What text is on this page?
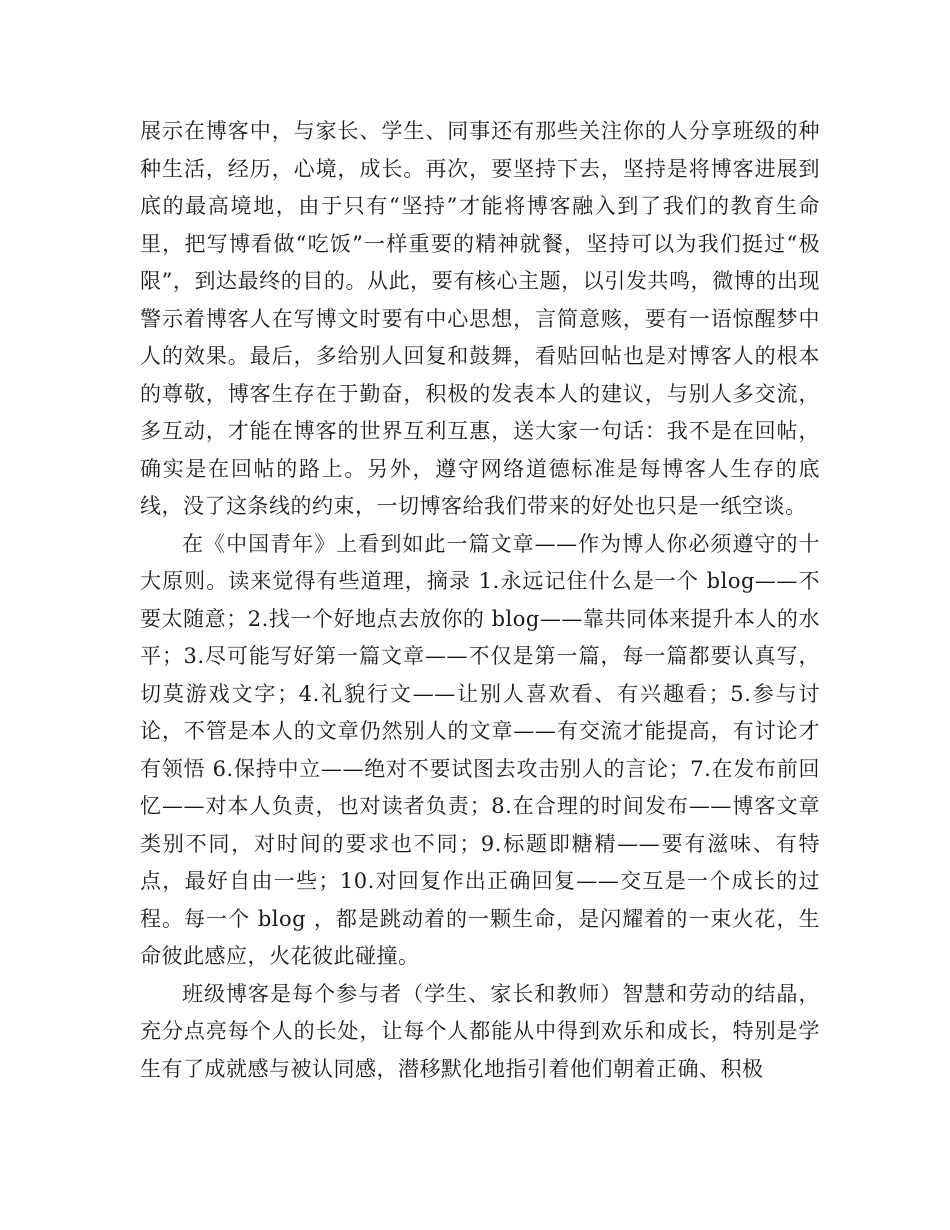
展示在博客中，与家长、学生、同事还有那些关注你的人分享班级的种种生活，经历，心境，成长。再次，要坚持下去，坚持是将博客进展到底的最高境地，由于只有“坚持”才能将博客融入到了我们的教育生命里，把写博看做“吃饭”一样重要的精神就餐，坚持可以为我们挺过“极限”，到达最终的目的。从此，要有核心主题，以引发共鸣，微博的出现警示着博客人在写博文时要有中心思想，言简意赅，要有一语惊醒梦中人的效果。最后，多给别人回复和鼓舞，看贴回帖也是对博客人的根本的尊敬，博客生存在于勤奋，积极的发表本人的建议，与别人多交流，多互动，才能在博客的世界互利互惠，送大家一句话：我不是在回帖，确实是在回帖的路上。另外，遵守网络道德标准是每博客人生存的底线，没了这条线的约束，一切博客给我们带来的好处也只是一纸空谈。

在《中国青年》上看到如此一篇文章——作为博人你必须遵守的十大原则。读来觉得有些道理，摘录 1.永远记住什么是一个 blog——不要太随意；2.找一个好地点去放你的 blog——靠共同体来提升本人的水平；3.尽可能写好第一篇文章——不仅是第一篇，每一篇都要认真写，切莫游戏文字；4.礼貌行文——让别人喜欢看、有兴趣看；5.参与讨论，不管是本人的文章仍然别人的文章——有交流才能提高，有讨论才有领悟 6.保持中立——绝对不要试图去攻击别人的言论；7.在发布前回忆——对本人负责，也对读者负责；8.在合理的时间发布——博客文章类别不同，对时间的要求也不同；9.标题即糖精——要有滋味、有特点，最好自由一些；10.对回复作出正确回复——交互是一个成长的过程。每一个 blog ，都是跳动着的一颗生命，是闪耀着的一束火花，生命彼此感应，火花彼此碰撞。

班级博客是每个参与者（学生、家长和教师）智慧和劳动的结晶，充分点亮每个人的长处，让每个人都能从中得到欢乐和成长，特别是学生有了成就感与被认同感，潜移默化地指引着他们朝着正确、积极
